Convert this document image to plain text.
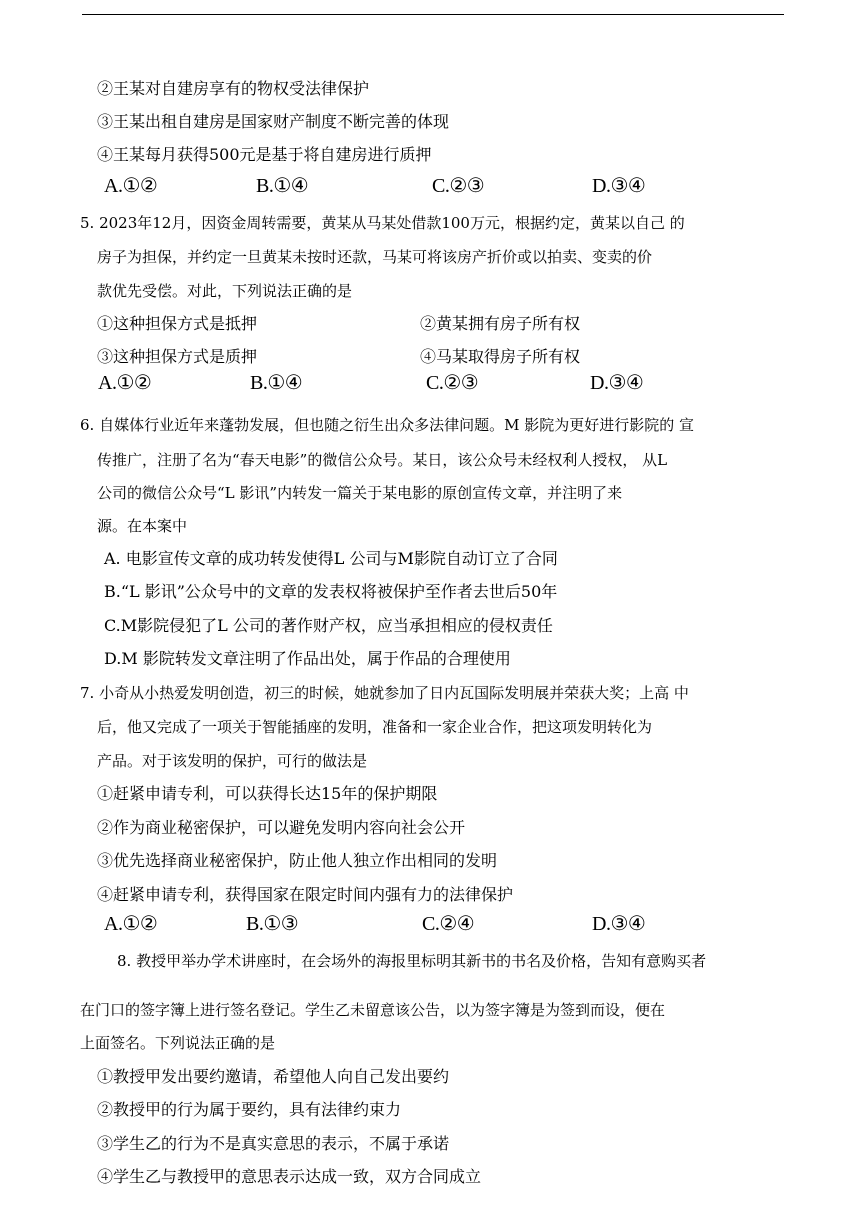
②王某对自建房享有的物权受法律保护
③王某出租自建房是国家财产制度不断完善的体现
④王某每月获得500元是基于将自建房进行质押
A.①②	B.①④	C.②③	D.③④
5. 2023年12月，因资金周转需要，黄某从马某处借款100万元，根据约定，黄某以自己 的
房子为担保，并约定一旦黄某未按时还款，马某可将该房产折价或以拍卖、变卖的价
款优先受偿。对此，下列说法正确的是
①这种担保方式是抵押	②黄某拥有房子所有权
③这种担保方式是质押	④马某取得房子所有权
A.①②	B.①④	C.②③	D.③④
6. 自媒体行业近年来蓬勃发展，但也随之衍生出众多法律问题。M 影院为更好进行影院的 宣
传推广，注册了名为“春天电影”的微信公众号。某日，该公众号未经权利人授权， 从L
公司的微信公众号“L 影讯”内转发一篇关于某电影的原创宣传文章，并注明了来
源。在本案中
A. 电影宣传文章的成功转发使得L 公司与M影院自动订立了合同
B.“L 影讯”公众号中的文章的发表权将被保护至作者去世后50年
C.M影院侵犯了L 公司的著作财产权，应当承担相应的侵权责任
D.M 影院转发文章注明了作品出处，属于作品的合理使用
7. 小奇从小热爱发明创造，初三的时候，她就参加了日内瓦国际发明展并荣获大奖；上高 中
后，他又完成了一项关于智能插座的发明，准备和一家企业合作，把这项发明转化为
产品。对于该发明的保护，可行的做法是
①赶紧申请专利，可以获得长达15年的保护期限
②作为商业秘密保护，可以避免发明内容向社会公开
③优先选择商业秘密保护，防止他人独立作出相同的发明
④赶紧申请专利，获得国家在限定时间内强有力的法律保护
A.①②	B.①③	C.②④	D.③④
8. 教授甲举办学术讲座时，在会场外的海报里标明其新书的书名及价格，告知有意购买者
在门口的签字簿上进行签名登记。学生乙未留意该公告，以为签字簿是为签到而设，便在
上面签名。下列说法正确的是
①教授甲发出要约邀请，希望他人向自己发出要约
②教授甲的行为属于要约，具有法律约束力
③学生乙的行为不是真实意思的表示，不属于承诺
④学生乙与教授甲的意思表示达成一致，双方合同成立
